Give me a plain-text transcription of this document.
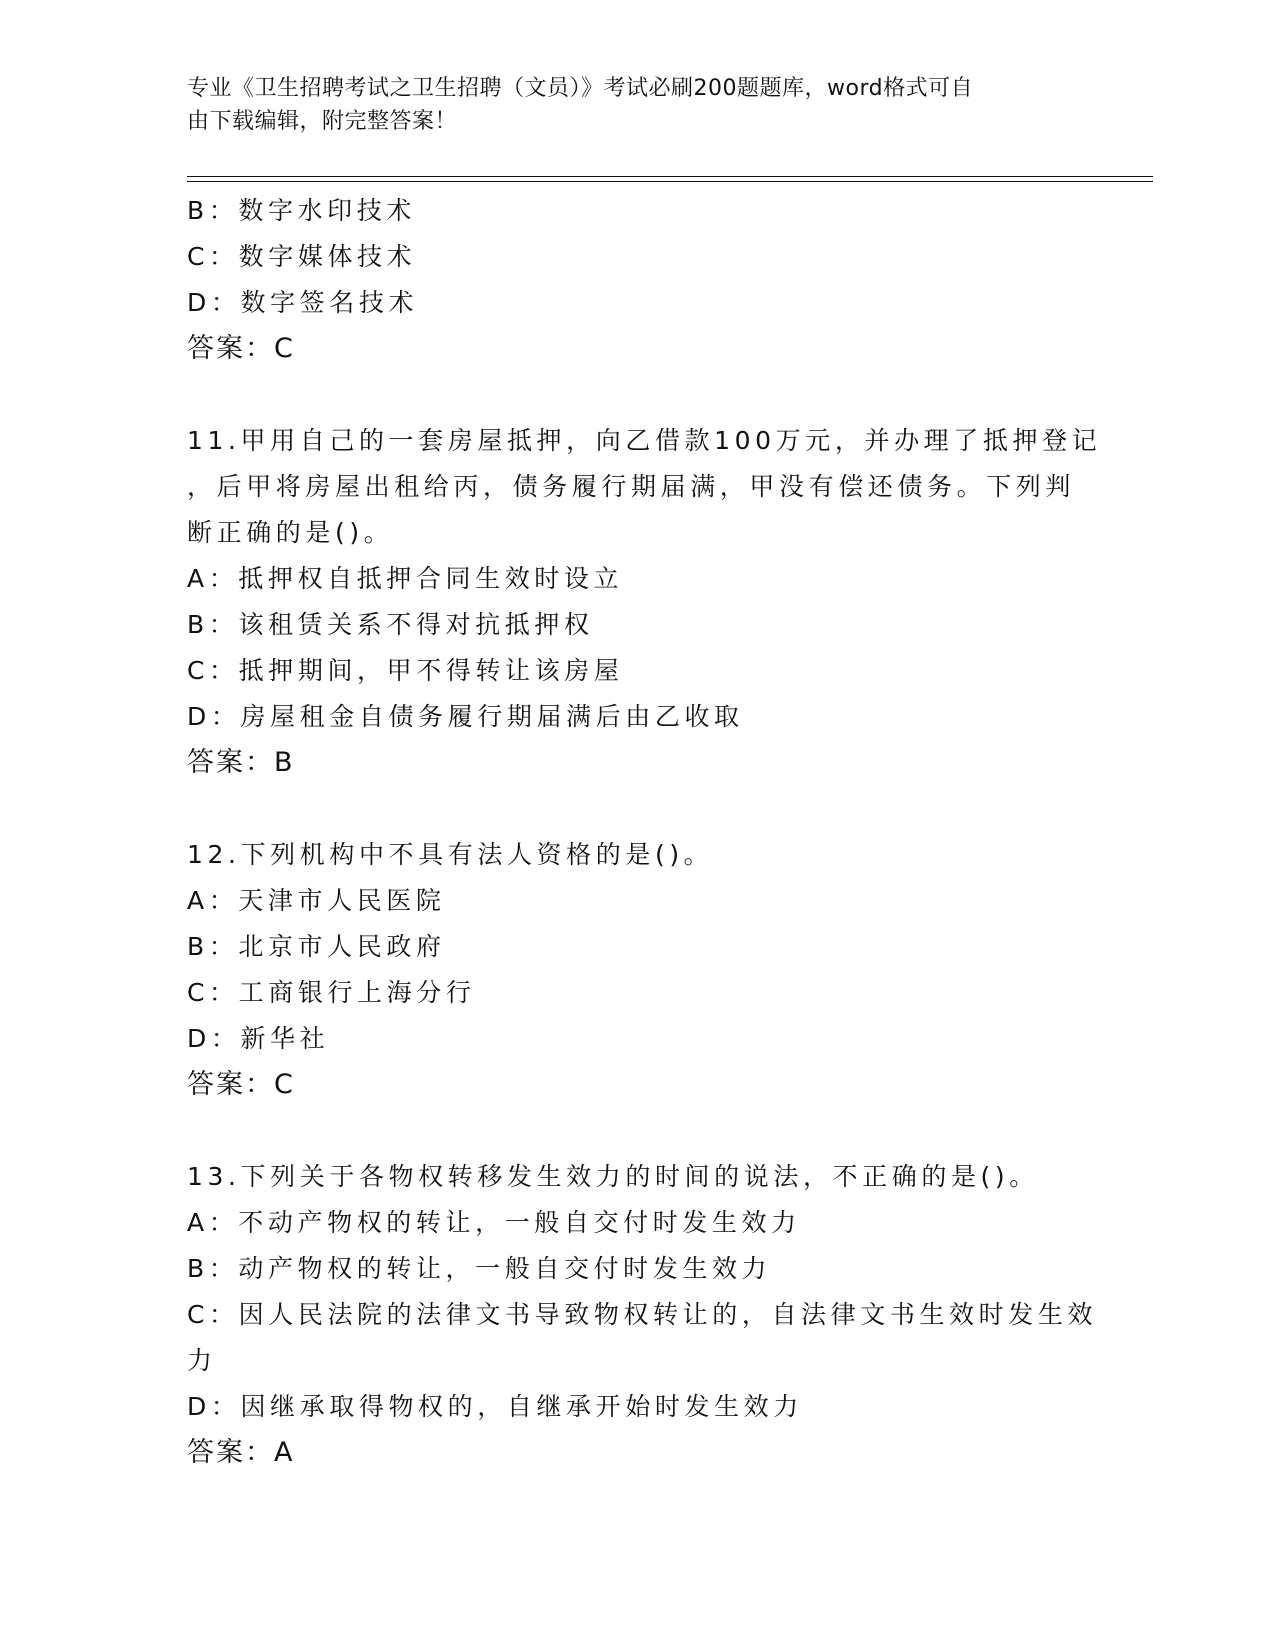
专业《卫生招聘考试之卫生招聘（文员）》考试必刷200题题库，word格式可自
由下载编辑，附完整答案！

B：数字水印技术

C：数字媒体技术

D：数字签名技术

答案：C

11.甲用自己的一套房屋抵押，向乙借款100万元，并办理了抵押登记

，后甲将房屋出租给丙，债务履行期届满，甲没有偿还债务。下列判

断正确的是()。

A：抵押权自抵押合同生效时设立

B：该租赁关系不得对抗抵押权

C：抵押期间，甲不得转让该房屋

D：房屋租金自债务履行期届满后由乙收取

答案：B

12.下列机构中不具有法人资格的是()。

A：天津市人民医院

B：北京市人民政府

C：工商银行上海分行

D：新华社

答案：C

13.下列关于各物权转移发生效力的时间的说法，不正确的是()。

A：不动产物权的转让，一般自交付时发生效力

B：动产物权的转让，一般自交付时发生效力

C：因人民法院的法律文书导致物权转让的，自法律文书生效时发生效

力

D：因继承取得物权的，自继承开始时发生效力

答案：A
